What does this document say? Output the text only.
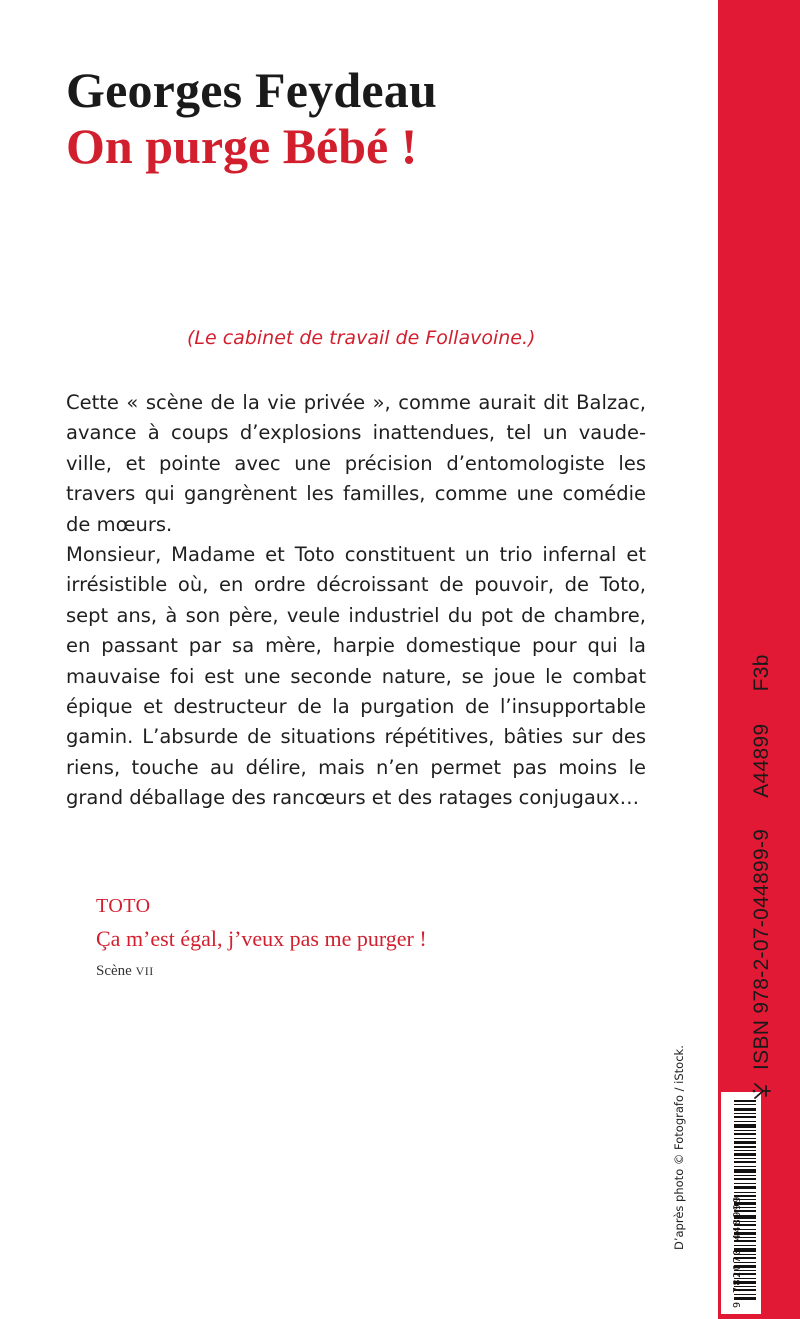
Georges Feydeau
On purge Bébé !
(Le cabinet de travail de Follavoine.)
Cette « scène de la vie privée », comme aurait dit Balzac,
avance à coups d’explosions inattendues, tel un vaude-
ville, et pointe avec une précision d’entomologiste les
travers qui gangrènent les familles, comme une comédie
de mœurs.
Monsieur, Madame et Toto constituent un trio infernal et
irrésistible où, en ordre décroissant de pouvoir, de Toto,
sept ans, à son père, veule industriel du pot de chambre,
en passant par sa mère, harpie domestique pour qui la
mauvaise foi est une seconde nature, se joue le combat
épique et destructeur de la purgation de l’insupportable
gamin. L’absurde de situations répétitives, bâties sur des
riens, touche au délire, mais n’en permet pas moins le
grand déballage des rancœurs et des ratages conjugaux…
TOTO
Ça m’est égal, j’veux pas me purger !
Scène VII
D’après photo © Fotografo / iStock.
9 782070 448999
ISBN 978-2-07-044899-9 A44899 F3b
